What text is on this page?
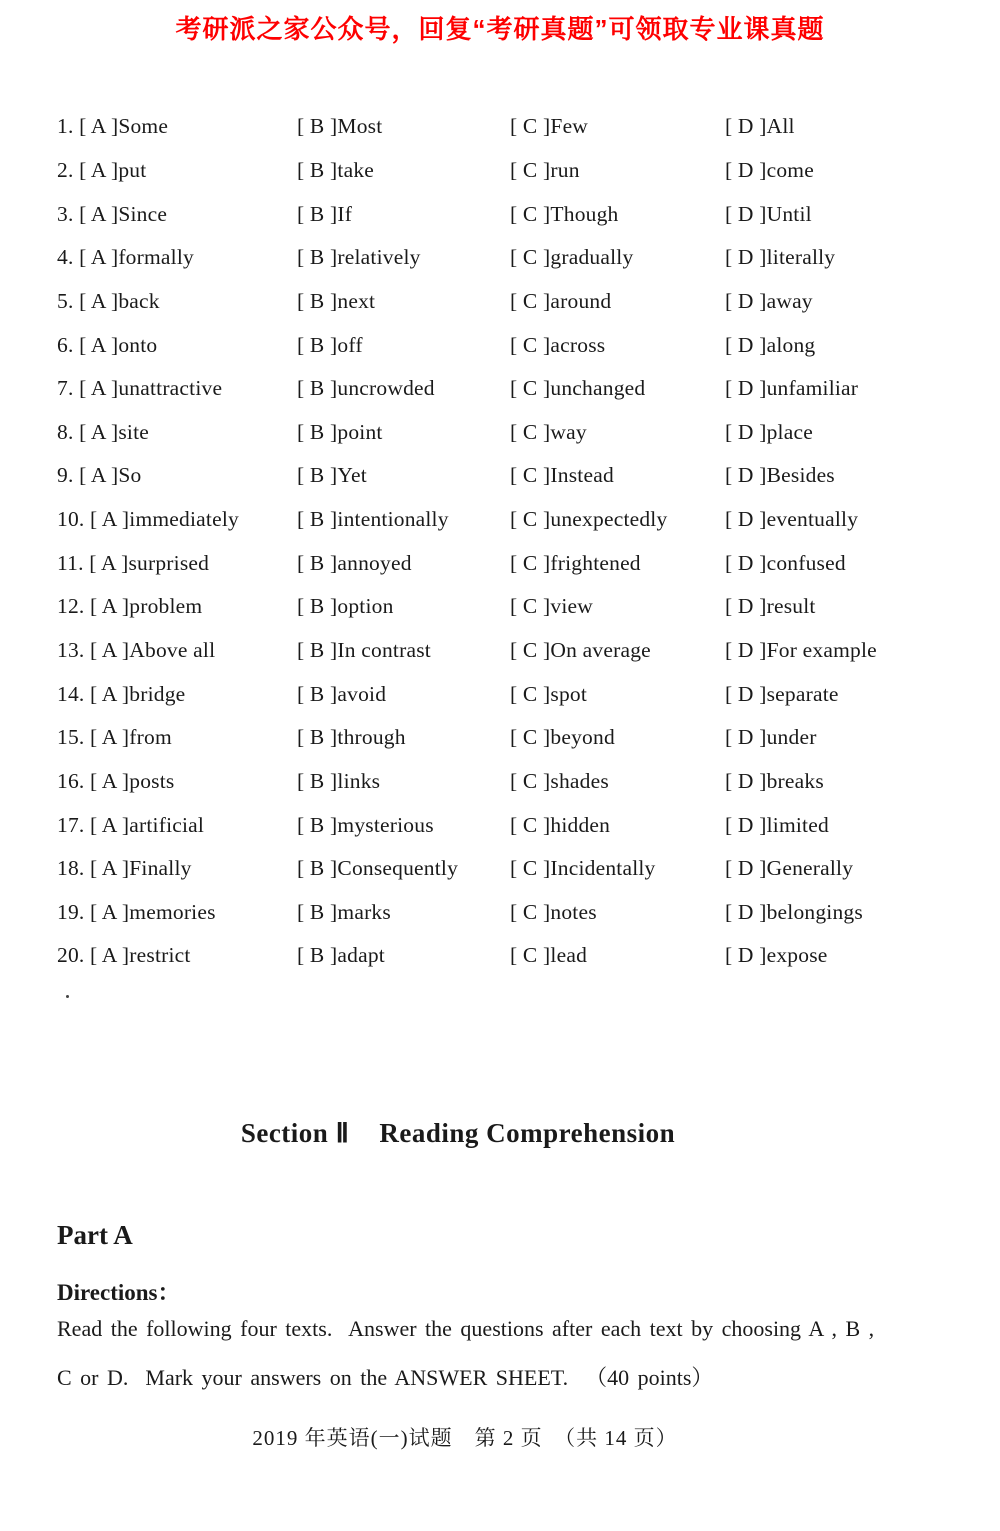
考研派之家公众号，回复“考研真题”可领取专业课真题
1. [ A ]Some	[ B ]Most	[ C ]Few	[ D ]All
2. [ A ]put	[ B ]take	[ C ]run	[ D ]come
3. [ A ]Since	[ B ]If	[ C ]Though	[ D ]Until
4. [ A ]formally	[ B ]relatively	[ C ]gradually	[ D ]literally
5. [ A ]back	[ B ]next	[ C ]around	[ D ]away
6. [ A ]onto	[ B ]off	[ C ]across	[ D ]along
7. [ A ]unattractive	[ B ]uncrowded	[ C ]unchanged	[ D ]unfamiliar
8. [ A ]site	[ B ]point	[ C ]way	[ D ]place
9. [ A ]So	[ B ]Yet	[ C ]Instead	[ D ]Besides
10. [ A ]immediately	[ B ]intentionally	[ C ]unexpectedly	[ D ]eventually
11. [ A ]surprised	[ B ]annoyed	[ C ]frightened	[ D ]confused
12. [ A ]problem	[ B ]option	[ C ]view	[ D ]result
13. [ A ]Above all	[ B ]In contrast	[ C ]On average	[ D ]For example
14. [ A ]bridge	[ B ]avoid	[ C ]spot	[ D ]separate
15. [ A ]from	[ B ]through	[ C ]beyond	[ D ]under
16. [ A ]posts	[ B ]links	[ C ]shades	[ D ]breaks
17. [ A ]artificial	[ B ]mysterious	[ C ]hidden	[ D ]limited
18. [ A ]Finally	[ B ]Consequently	[ C ]Incidentally	[ D ]Generally
19. [ A ]memories	[ B ]marks	[ C ]notes	[ D ]belongings
20. [ A ]restrict	[ B ]adapt	[ C ]lead	[ D ]expose
Section Ⅱ Reading Comprehension
Part A
Directions：

Read the following four texts.  Answer the questions after each text by choosing A , B ,

C or D.  Mark your answers on the ANSWER SHEET.  （40 points）

2019 年英语(一)试题　第 2 页　（共 14 页）
